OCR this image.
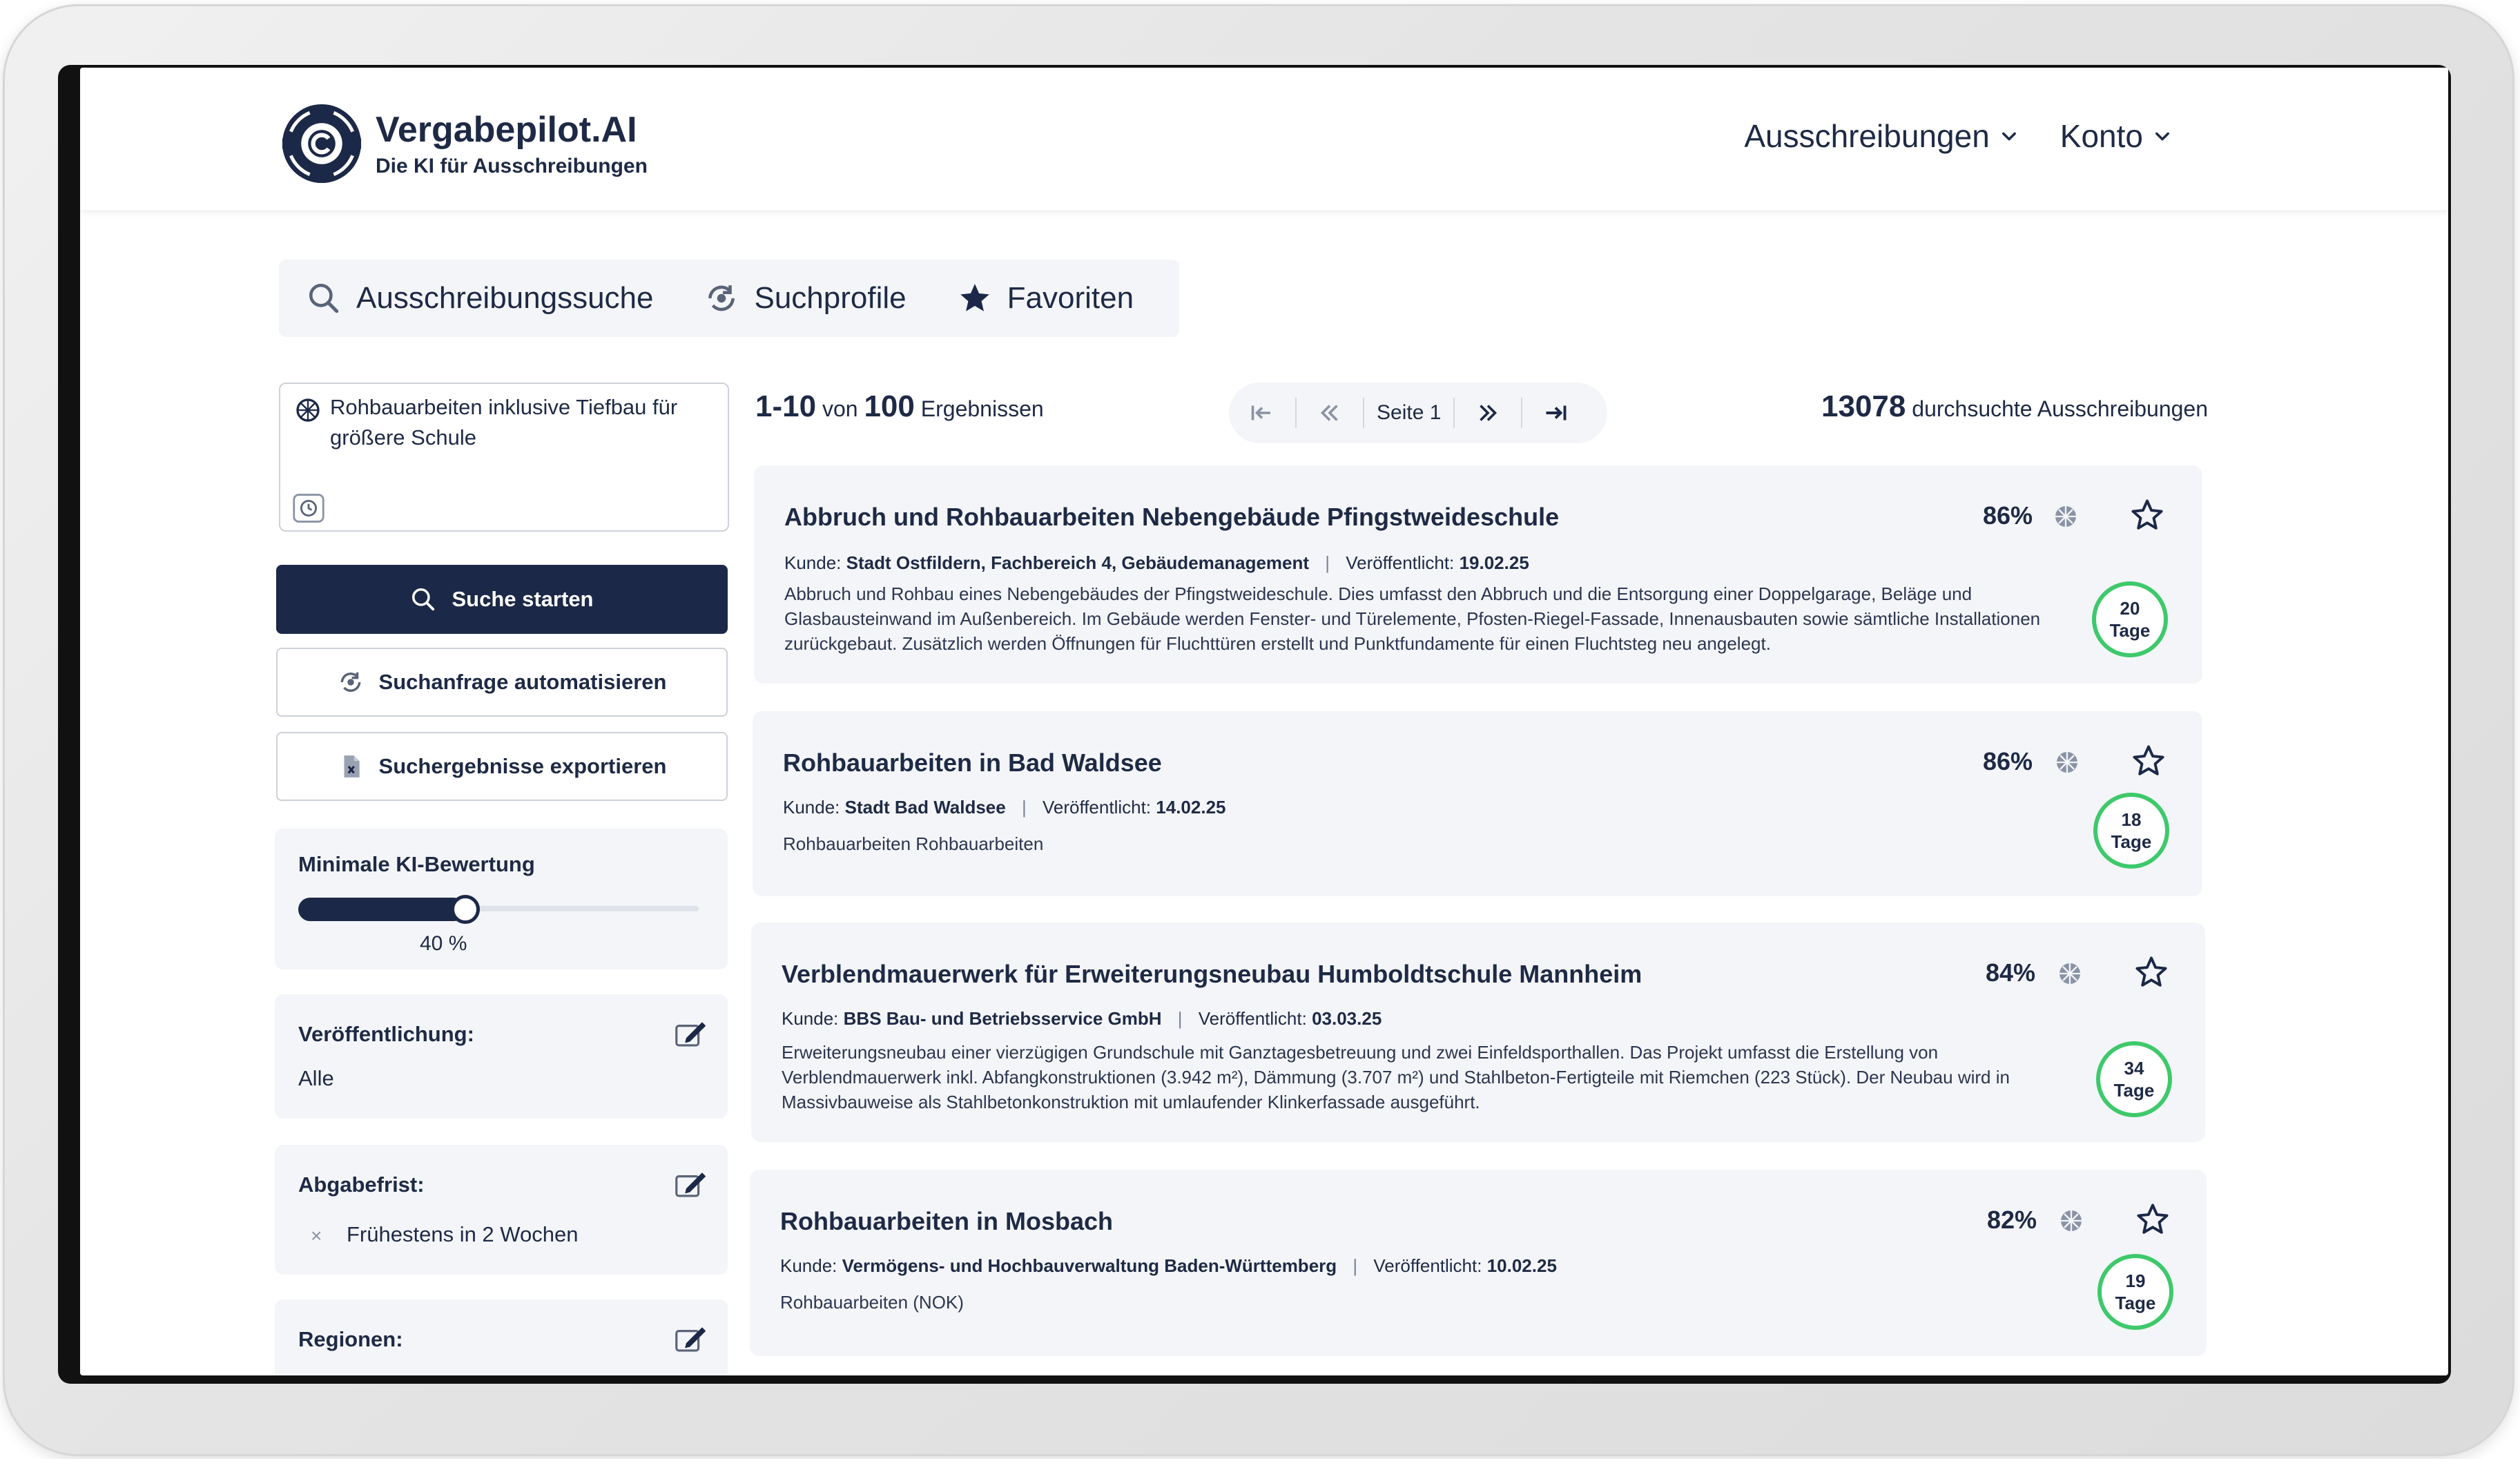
Vergabepilot.AI
Die KI für Ausschreibungen
Ausschreibungen Konto
Ausschreibungssuche	Suchprofile	Favoriten
Rohbauarbeiten inklusive Tiefbau für größere Schule
Suche starten
Suchanfrage automatisieren
Suchergebnisse exportieren
Minimale KI-Bewertung
40 %
Veröffentlichung:
Alle
Abgabefrist:
× Frühestens in 2 Wochen
Regionen:
1-10 von 100 Ergebnissen	Seite 1	13078 durchsuchte Ausschreibungen
Abbruch und Rohbauarbeiten Nebengebäude Pfingstweideschule
Kunde: Stadt Ostfildern, Fachbereich 4, Gebäudemanagement | Veröffentlicht: 19.02.25
Abbruch und Rohbau eines Nebengebäudes der Pfingstweideschule. Dies umfasst den Abbruch und die Entsorgung einer Doppelgarage, Beläge und Glasbausteinwand im Außenbereich. Im Gebäude werden Fenster- und Türelemente, Pfosten-Riegel-Fassade, Innenausbauten sowie sämtliche Installationen zurückgebaut. Zusätzlich werden Öffnungen für Fluchttüren erstellt und Punktfundamente für einen Fluchtsteg neu angelegt.
86%
20
Tage
Rohbauarbeiten in Bad Waldsee
Kunde: Stadt Bad Waldsee | Veröffentlicht: 14.02.25
Rohbauarbeiten Rohbauarbeiten
86%
18
Tage
Verblendmauerwerk für Erweiterungsneubau Humboldtschule Mannheim
Kunde: BBS Bau- und Betriebsservice GmbH | Veröffentlicht: 03.03.25
Erweiterungsneubau einer vierzügigen Grundschule mit Ganztagesbetreuung und zwei Einfeldsporthallen. Das Projekt umfasst die Erstellung von Verblendmauerwerk inkl. Abfangkonstruktionen (3.942 m²), Dämmung (3.707 m²) und Stahlbeton-Fertigteile mit Riemchen (223 Stück). Der Neubau wird in Massivbauweise als Stahlbetonkonstruktion mit umlaufender Klinkerfassade ausgeführt.
84%
34
Tage
Rohbauarbeiten in Mosbach
Kunde: Vermögens- und Hochbauverwaltung Baden-Württemberg | Veröffentlicht: 10.02.25
Rohbauarbeiten (NOK)
82%
19
Tage
